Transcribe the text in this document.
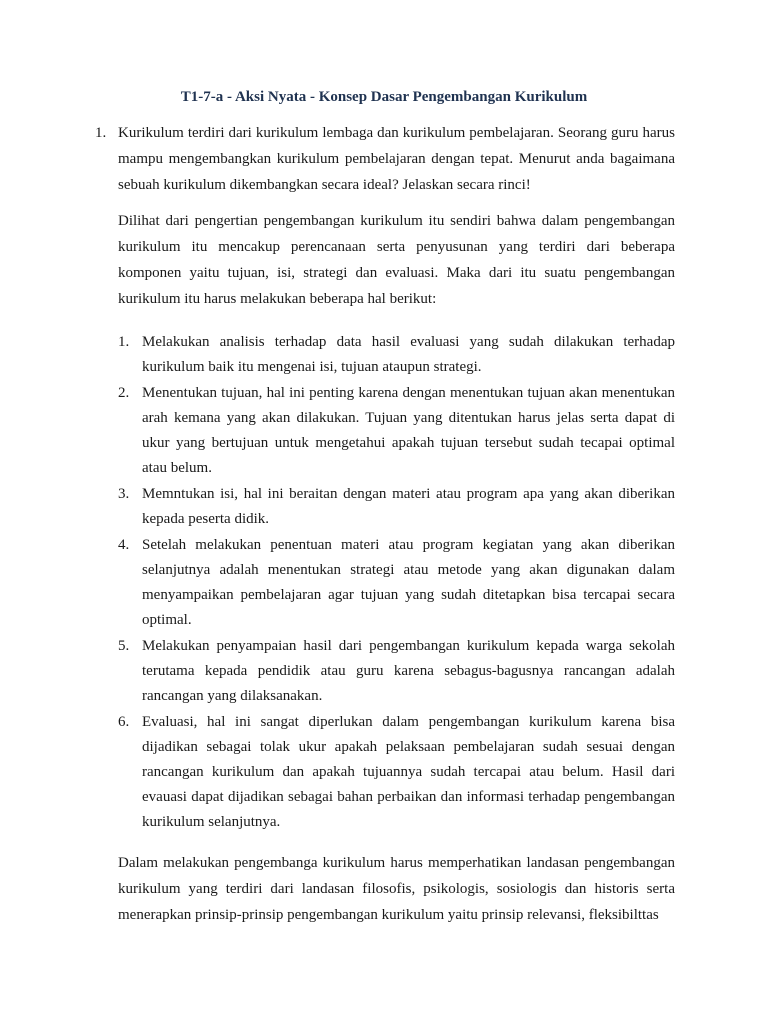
T1-7-a - Aksi Nyata - Konsep Dasar Pengembangan Kurikulum
1. Kurikulum terdiri dari kurikulum lembaga dan kurikulum pembelajaran. Seorang guru harus mampu mengembangkan kurikulum pembelajaran dengan tepat. Menurut anda bagaimana sebuah kurikulum dikembangkan secara ideal? Jelaskan secara rinci!

Dilihat dari pengertian pengembangan kurikulum itu sendiri bahwa dalam pengembangan kurikulum itu mencakup perencanaan serta penyusunan yang terdiri dari beberapa komponen yaitu tujuan, isi, strategi dan evaluasi. Maka dari itu suatu pengembangan kurikulum itu harus melakukan beberapa hal berikut:

1. Melakukan analisis terhadap data hasil evaluasi yang sudah dilakukan terhadap kurikulum baik itu mengenai isi, tujuan ataupun strategi.
2. Menentukan tujuan, hal ini penting karena dengan menentukan tujuan akan menentukan arah kemana yang akan dilakukan. Tujuan yang ditentukan harus jelas serta dapat di ukur yang bertujuan untuk mengetahui apakah tujuan tersebut sudah tecapai optimal atau belum.
3. Memntukan isi, hal ini beraitan dengan materi atau program apa yang akan diberikan kepada peserta didik.
4. Setelah melakukan penentuan materi atau program kegiatan yang akan diberikan selanjutnya adalah menentukan strategi atau metode yang akan digunakan dalam menyampaikan pembelajaran agar tujuan yang sudah ditetapkan bisa tercapai secara optimal.
5. Melakukan penyampaian hasil dari pengembangan kurikulum kepada warga sekolah terutama kepada pendidik atau guru karena sebagus-bagusnya rancangan adalah rancangan yang dilaksanakan.
6. Evaluasi, hal ini sangat diperlukan dalam pengembangan kurikulum karena bisa dijadikan sebagai tolak ukur apakah pelaksaan pembelajaran sudah sesuai dengan rancangan kurikulum dan apakah tujuannya sudah tercapai atau belum. Hasil dari evauasi dapat dijadikan sebagai bahan perbaikan dan informasi terhadap pengembangan kurikulum selanjutnya.

Dalam melakukan pengembanga kurikulum harus memperhatikan landasan pengembangan kurikulum yang terdiri dari landasan filosofis, psikologis, sosiologis dan historis serta menerapkan prinsip-prinsip pengembangan kurikulum yaitu prinsip relevansi, fleksibilttas
